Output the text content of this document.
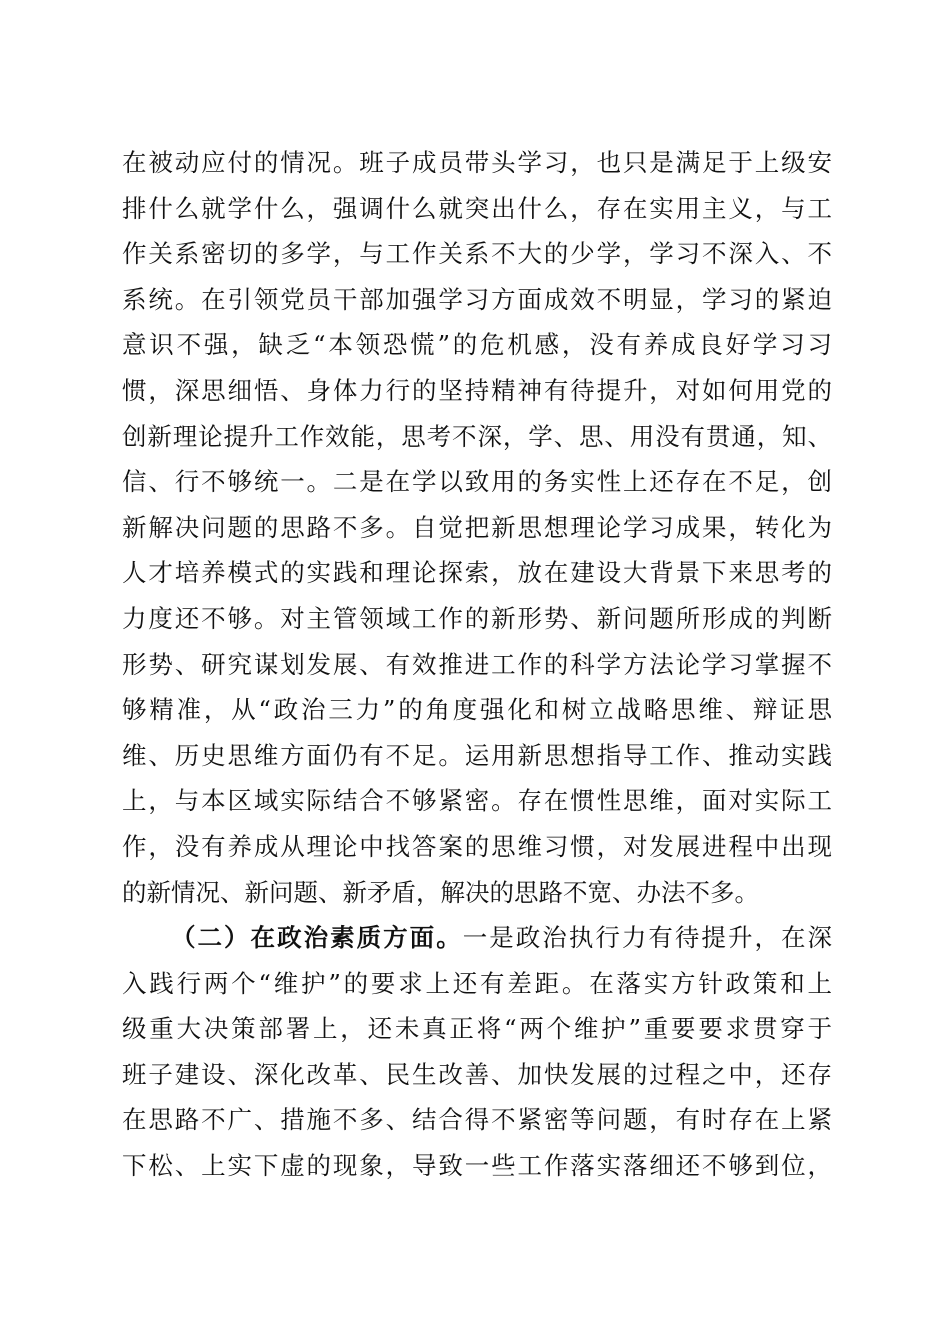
在被动应付的情况。班子成员带头学习，也只是满足于上级安
排什么就学什么，强调什么就突出什么，存在实用主义，与工
作关系密切的多学，与工作关系不大的少学，学习不深入、不
系统。在引领党员干部加强学习方面成效不明显，学习的紧迫
意识不强，缺乏“本领恐慌”的危机感，没有养成良好学习习
惯，深思细悟、身体力行的坚持精神有待提升，对如何用党的
创新理论提升工作效能，思考不深，学、思、用没有贯通，知、
信、行不够统一。二是在学以致用的务实性上还存在不足，创
新解决问题的思路不多。自觉把新思想理论学习成果，转化为
人才培养模式的实践和理论探索，放在建设大背景下来思考的
力度还不够。对主管领域工作的新形势、新问题所形成的判断
形势、研究谋划发展、有效推进工作的科学方法论学习掌握不
够精准，从“政治三力”的角度强化和树立战略思维、辩证思
维、历史思维方面仍有不足。运用新思想指导工作、推动实践
上，与本区域实际结合不够紧密。存在惯性思维，面对实际工
作，没有养成从理论中找答案的思维习惯，对发展进程中出现
的新情况、新问题、新矛盾，解决的思路不宽、办法不多。
（二）在政治素质方面。一是政治执行力有待提升，在深
入践行两个“维护”的要求上还有差距。在落实方针政策和上
级重大决策部署上，还未真正将“两个维护”重要要求贯穿于
班子建设、深化改革、民生改善、加快发展的过程之中，还存
在思路不广、措施不多、结合得不紧密等问题，有时存在上紧
下松、上实下虚的现象，导致一些工作落实落细还不够到位，
